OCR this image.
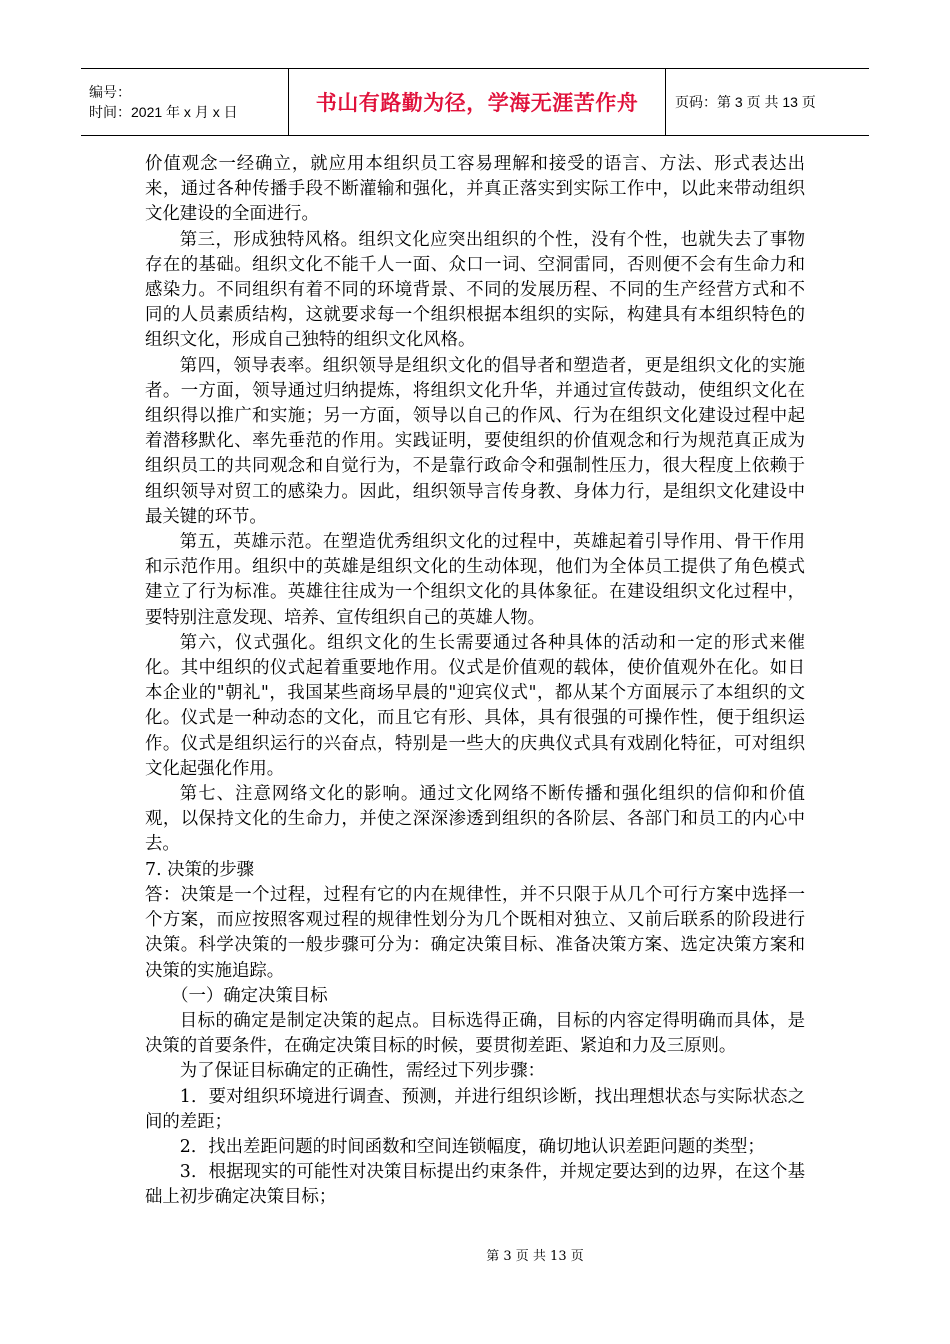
编号：
时间：2021 年 x 月 x 日	书山有路勤为径，学海无涯苦作舟	页码：第 3 页 共 13 页

价值观念一经确立，就应用本组织员工容易理解和接受的语言、方法、形式表达出来，通过各种传播手段不断灌输和强化，并真正落实到实际工作中，以此来带动组织文化建设的全面进行。

第三，形成独特风格。组织文化应突出组织的个性，没有个性，也就失去了事物存在的基础。组织文化不能千人一面、众口一词、空洞雷同，否则便不会有生命力和感染力。不同组织有着不同的环境背景、不同的发展历程、不同的生产经营方式和不同的人员素质结构，这就要求每一个组织根据本组织的实际，构建具有本组织特色的组织文化，形成自己独特的组织文化风格。

第四，领导表率。组织领导是组织文化的倡导者和塑造者，更是组织文化的实施者。一方面，领导通过归纳提炼，将组织文化升华，并通过宣传鼓动，使组织文化在组织得以推广和实施；另一方面，领导以自己的作风、行为在组织文化建设过程中起着潜移默化、率先垂范的作用。实践证明，要使组织的价值观念和行为规范真正成为组织员工的共同观念和自觉行为，不是靠行政命令和强制性压力，很大程度上依赖于组织领导对贸工的感染力。因此，组织领导言传身教、身体力行，是组织文化建设中最关键的环节。

第五，英雄示范。在塑造优秀组织文化的过程中，英雄起着引导作用、骨干作用和示范作用。组织中的英雄是组织文化的生动体现，他们为全体员工提供了角色模式建立了行为标准。英雄往往成为一个组织文化的具体象征。在建设组织文化过程中，要特别注意发现、培养、宣传组织自己的英雄人物。

第六，仪式强化。组织文化的生长需要通过各种具体的活动和一定的形式来催化。其中组织的仪式起着重要地作用。仪式是价值观的载体，使价值观外在化。如日本企业的"朝礼"，我国某些商场早晨的"迎宾仪式"，都从某个方面展示了本组织的文化。仪式是一种动态的文化，而且它有形、具体，具有很强的可操作性，便于组织运作。仪式是组织运行的兴奋点，特别是一些大的庆典仪式具有戏剧化特征，可对组织文化起强化作用。

第七、注意网络文化的影响。通过文化网络不断传播和强化组织的信仰和价值观，以保持文化的生命力，并使之深深渗透到组织的各阶层、各部门和员工的内心中去。

7. 决策的步骤

答：决策是一个过程，过程有它的内在规律性，并不只限于从几个可行方案中选择一个方案，而应按照客观过程的规律性划分为几个既相对独立、又前后联系的阶段进行决策。科学决策的一般步骤可分为：确定决策目标、准备决策方案、选定决策方案和决策的实施追踪。

（一）确定决策目标

目标的确定是制定决策的起点。目标选得正确，目标的内容定得明确而具体，是决策的首要条件，在确定决策目标的时候，要贯彻差距、紧迫和力及三原则。

为了保证目标确定的正确性，需经过下列步骤：

1．要对组织环境进行调查、预测，并进行组织诊断，找出理想状态与实际状态之间的差距；

2．找出差距问题的时间函数和空间连锁幅度，确切地认识差距问题的类型；

3．根据现实的可能性对决策目标提出约束条件，并规定要达到的边界，在这个基础上初步确定决策目标；

第 3 页 共 13 页
